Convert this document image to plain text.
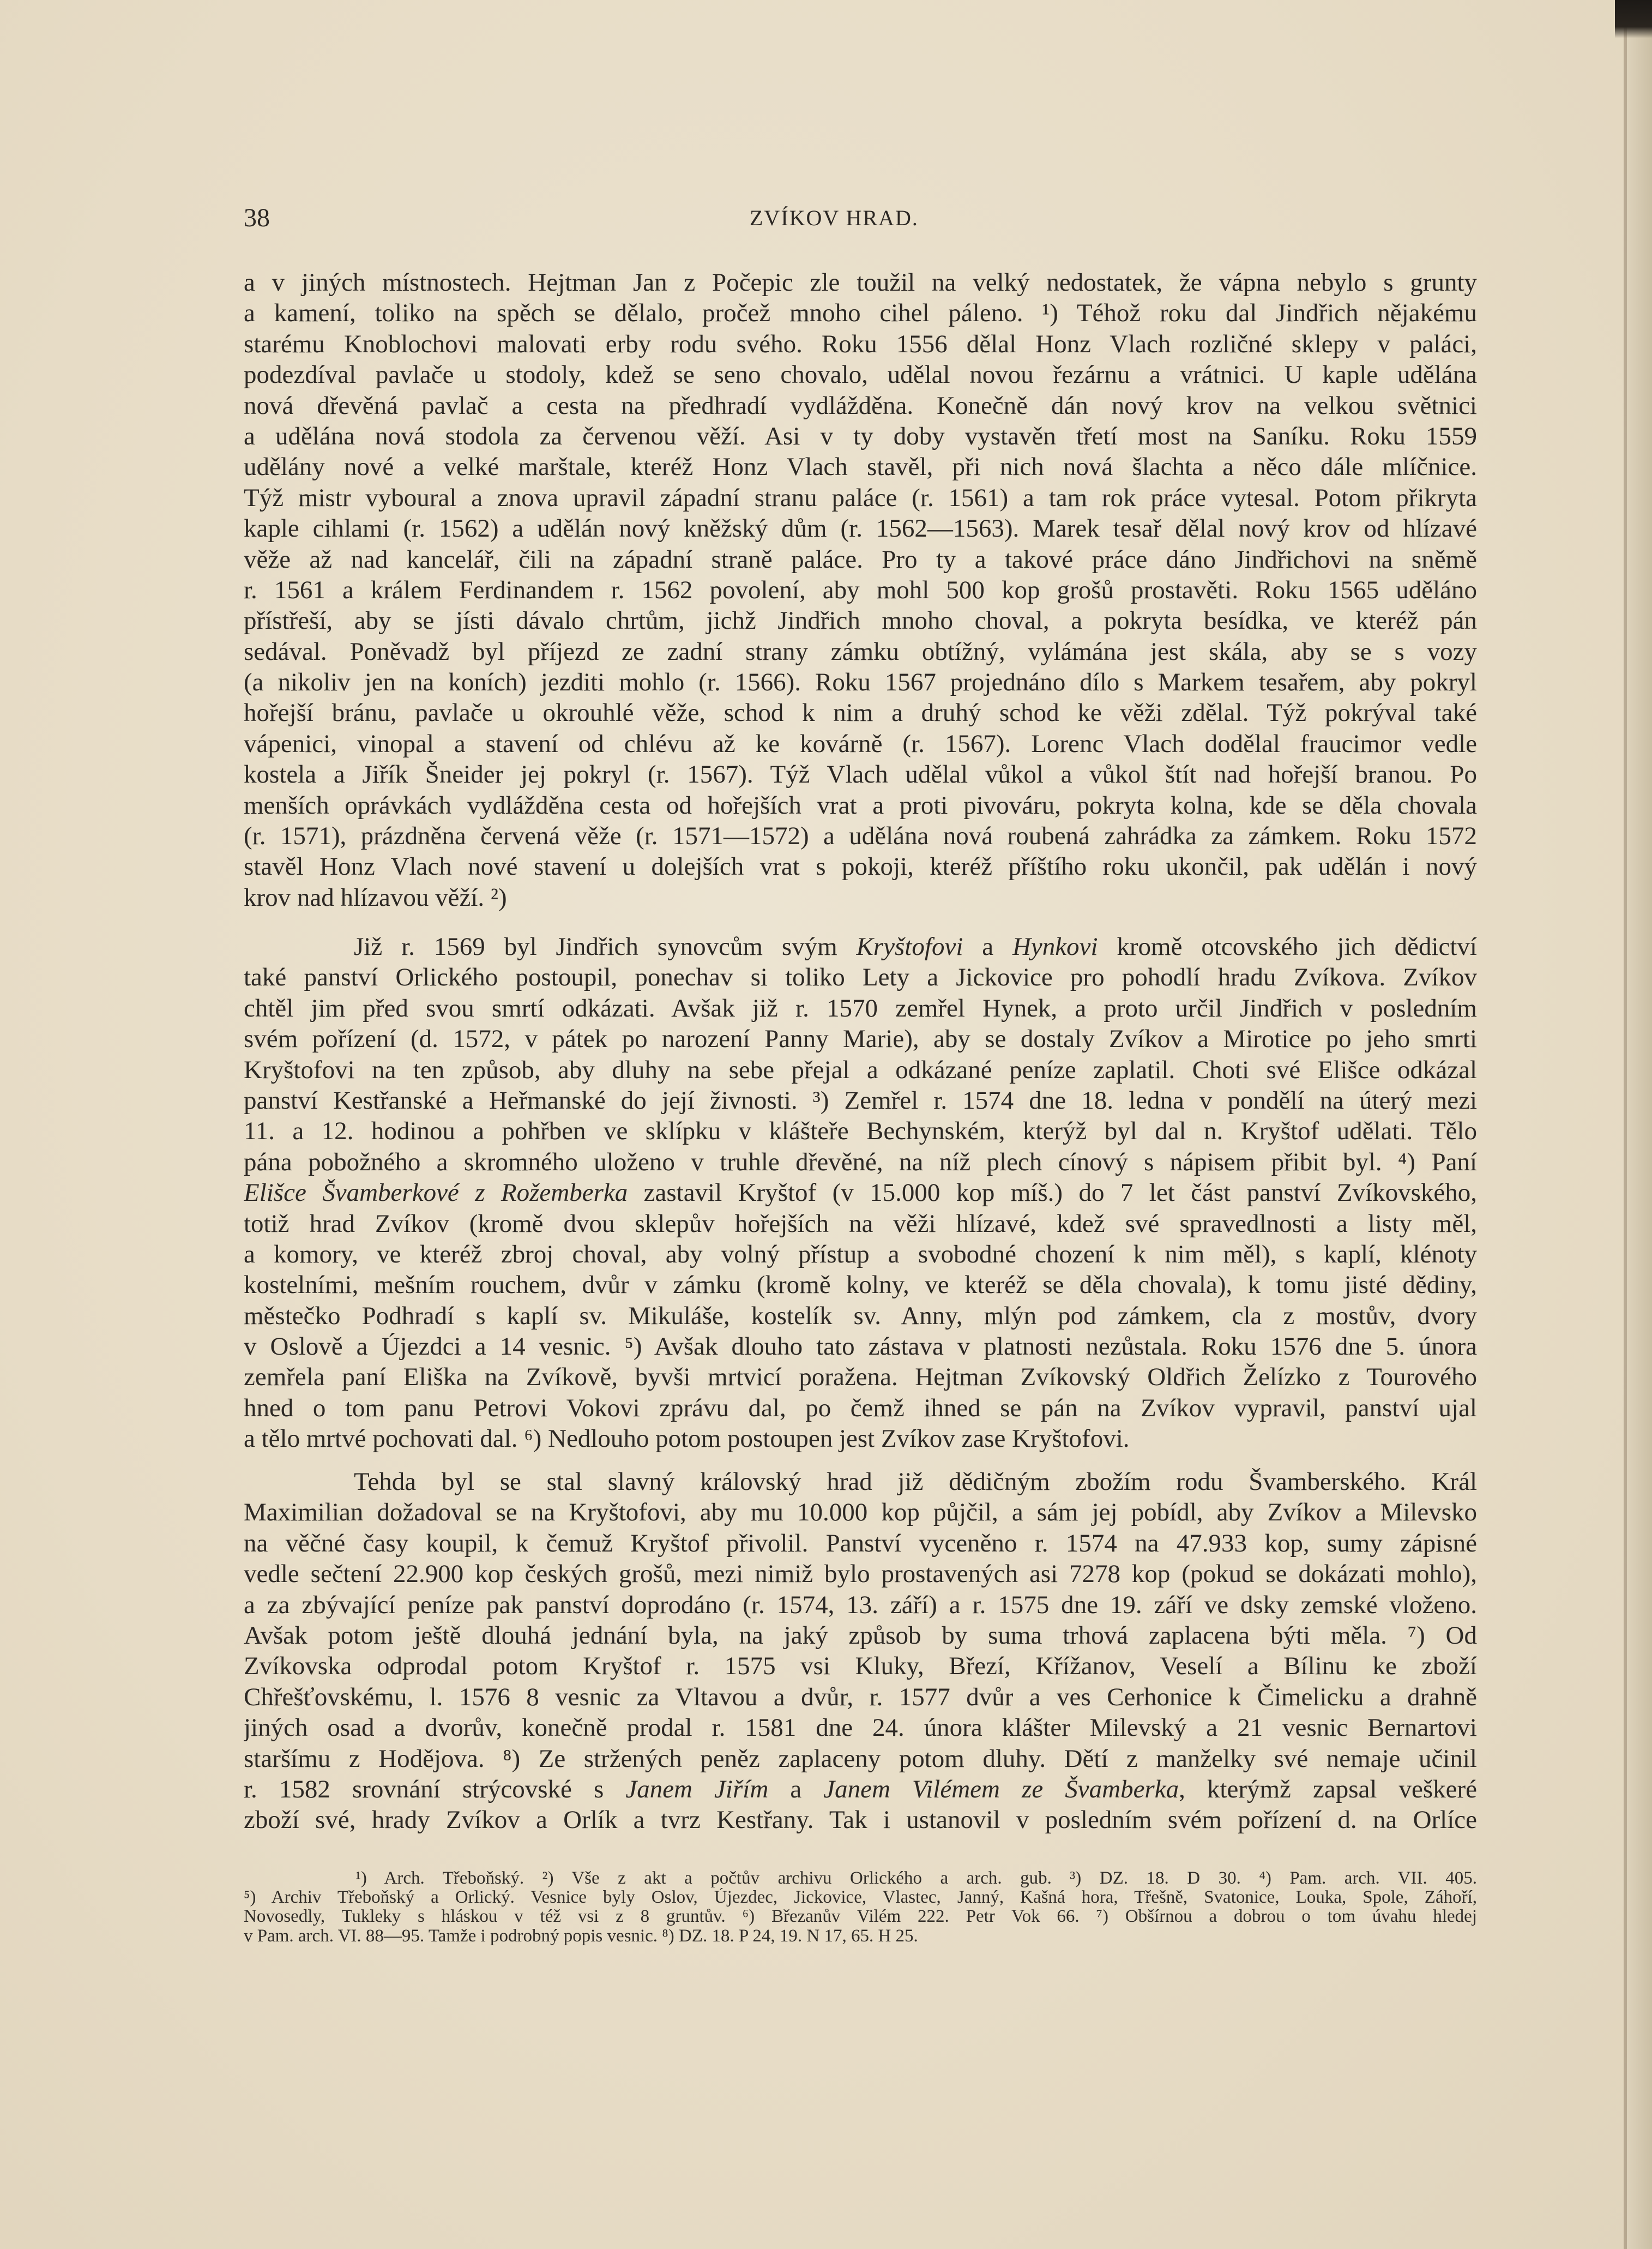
38	ZVÍKOV HRAD.
a v jiných místnostech. Hejtman Jan z Počepic zle toužil na velký nedostatek, že vápna nebylo s grunty
a kamení, toliko na spěch se dělalo, pročež mnoho cihel páleno. ¹) Téhož roku dal Jindřich nějakému
starému Knoblochovi malovati erby rodu svého. Roku 1556 dělal Honz Vlach rozličné sklepy v paláci,
podezdíval pavlače u stodoly, kdež se seno chovalo, udělal novou řezárnu a vrátnici. U kaple udělána
nová dřevěná pavlač a cesta na předhradí vydlážděna. Konečně dán nový krov na velkou světnici
a udělána nová stodola za červenou věží. Asi v ty doby vystavěn třetí most na Saníku. Roku 1559
udělány nové a velké marštale, kteréž Honz Vlach stavěl, při nich nová šlachta a něco dále mlíčnice.
Týž mistr vyboural a znova upravil západní stranu paláce (r. 1561) a tam rok práce vytesal. Potom přikryta
kaple cihlami (r. 1562) a udělán nový kněžský dům (r. 1562—1563). Marek tesař dělal nový krov od hlízavé
věže až nad kancelář, čili na západní straně paláce. Pro ty a takové práce dáno Jindřichovi na sněmě
r. 1561 a králem Ferdinandem r. 1562 povolení, aby mohl 500 kop grošů prostavěti. Roku 1565 uděláno
přístřeší, aby se jísti dávalo chrtům, jichž Jindřich mnoho choval, a pokryta besídka, ve kteréž pán
sedával. Poněvadž byl příjezd ze zadní strany zámku obtížný, vylámána jest skála, aby se s vozy
(a nikoliv jen na koních) jezditi mohlo (r. 1566). Roku 1567 projednáno dílo s Markem tesařem, aby pokryl
hořejší bránu, pavlače u okrouhlé věže, schod k nim a druhý schod ke věži zdělal. Týž pokrýval také
vápenici, vinopal a stavení od chlévu až ke kovárně (r. 1567). Lorenc Vlach dodělal fraucimor vedle
kostela a Jiřík Šneider jej pokryl (r. 1567). Týž Vlach udělal vůkol a vůkol štít nad hořejší branou. Po
menších oprávkách vydlážděna cesta od hořejších vrat a proti pivováru, pokryta kolna, kde se děla chovala
(r. 1571), prázdněna červená věže (r. 1571—1572) a udělána nová roubená zahrádka za zámkem. Roku 1572
stavěl Honz Vlach nové stavení u dolejších vrat s pokoji, kteréž příštího roku ukončil, pak udělán i nový
krov nad hlízavou věží. ²)
Již r. 1569 byl Jindřich synovcům svým Kryštofovi a Hynkovi kromě otcovského jich dědictví
také panství Orlického postoupil, ponechav si toliko Lety a Jickovice pro pohodlí hradu Zvíkova. Zvíkov
chtěl jim před svou smrtí odkázati. Avšak již r. 1570 zemřel Hynek, a proto určil Jindřich v posledním
svém pořízení (d. 1572, v pátek po narození Panny Marie), aby se dostaly Zvíkov a Mirotice po jeho smrti
Kryštofovi na ten způsob, aby dluhy na sebe přejal a odkázané peníze zaplatil. Choti své Elišce odkázal
panství Kestřanské a Heřmanské do její živnosti. ³) Zemřel r. 1574 dne 18. ledna v pondělí na úterý mezi
11. a 12. hodinou a pohřben ve sklípku v klášteře Bechynském, kterýž byl dal n. Kryštof udělati. Tělo
pána pobožného a skromného uloženo v truhle dřevěné, na níž plech cínový s nápisem přibit byl. ⁴) Paní
Elišce Švamberkové z Rožemberka zastavil Kryštof (v 15.000 kop míš.) do 7 let část panství Zvíkovského,
totiž hrad Zvíkov (kromě dvou sklepův hořejších na věži hlízavé, kdež své spravedlnosti a listy měl,
a komory, ve kteréž zbroj choval, aby volný přístup a svobodné chození k nim měl), s kaplí, klénoty
kostelními, mešním rouchem, dvůr v zámku (kromě kolny, ve kteréž se děla chovala), k tomu jisté dědiny,
městečko Podhradí s kaplí sv. Mikuláše, kostelík sv. Anny, mlýn pod zámkem, cla z mostův, dvory
v Oslově a Újezdci a 14 vesnic. ⁵) Avšak dlouho tato zástava v platnosti nezůstala. Roku 1576 dne 5. února
zemřela paní Eliška na Zvíkově, byvši mrtvicí poražena. Hejtman Zvíkovský Oldřich Želízko z Tourového
hned o tom panu Petrovi Vokovi zprávu dal, po čemž ihned se pán na Zvíkov vypravil, panství ujal
a tělo mrtvé pochovati dal. ⁶) Nedlouho potom postoupen jest Zvíkov zase Kryštofovi.
Tehda byl se stal slavný královský hrad již dědičným zbožím rodu Švamberského. Král
Maximilian dožadoval se na Kryštofovi, aby mu 10.000 kop půjčil, a sám jej pobídl, aby Zvíkov a Milevsko
na věčné časy koupil, k čemuž Kryštof přivolil. Panství vyceněno r. 1574 na 47.933 kop, sumy zápisné
vedle sečtení 22.900 kop českých grošů, mezi nimiž bylo prostavených asi 7278 kop (pokud se dokázati mohlo),
a za zbývající peníze pak panství doprodáno (r. 1574, 13. září) a r. 1575 dne 19. září ve dsky zemské vloženo.
Avšak potom ještě dlouhá jednání byla, na jaký způsob by suma trhová zaplacena býti měla. ⁷) Od
Zvíkovska odprodal potom Kryštof r. 1575 vsi Kluky, Březí, Křížanov, Veselí a Bílinu ke zboží
Chřešťovskému, l. 1576 8 vesnic za Vltavou a dvůr, r. 1577 dvůr a ves Cerhonice k Čimelicku a drahně
jiných osad a dvorův, konečně prodal r. 1581 dne 24. února klášter Milevský a 21 vesnic Bernartovi
staršímu z Hodějova. ⁸) Ze stržených peněz zaplaceny potom dluhy. Dětí z manželky své nemaje učinil
r. 1582 srovnání strýcovské s Janem Jiřím a Janem Vilémem ze Švamberka, kterýmž zapsal veškeré
zboží své, hrady Zvíkov a Orlík a tvrz Kestřany. Tak i ustanovil v posledním svém pořízení d. na Orlíce
¹) Arch. Třeboňský. ²) Vše z akt a počtův archivu Orlického a arch. gub. ³) DZ. 18. D 30. ⁴) Pam. arch. VII. 405.
⁵) Archiv Třeboňský a Orlický. Vesnice byly Oslov, Újezdec, Jickovice, Vlastec, Janný, Kašná hora, Třešně, Svatonice, Louka, Spole, Záhoří,
Novosedly, Tukleky s hláskou v též vsi z 8 gruntův. ⁶) Březanův Vilém 222. Petr Vok 66. ⁷) Obšírnou a dobrou o tom úvahu hledej
v Pam. arch. VI. 88—95. Tamže i podrobný popis vesnic. ⁸) DZ. 18. P 24, 19. N 17, 65. H 25.
